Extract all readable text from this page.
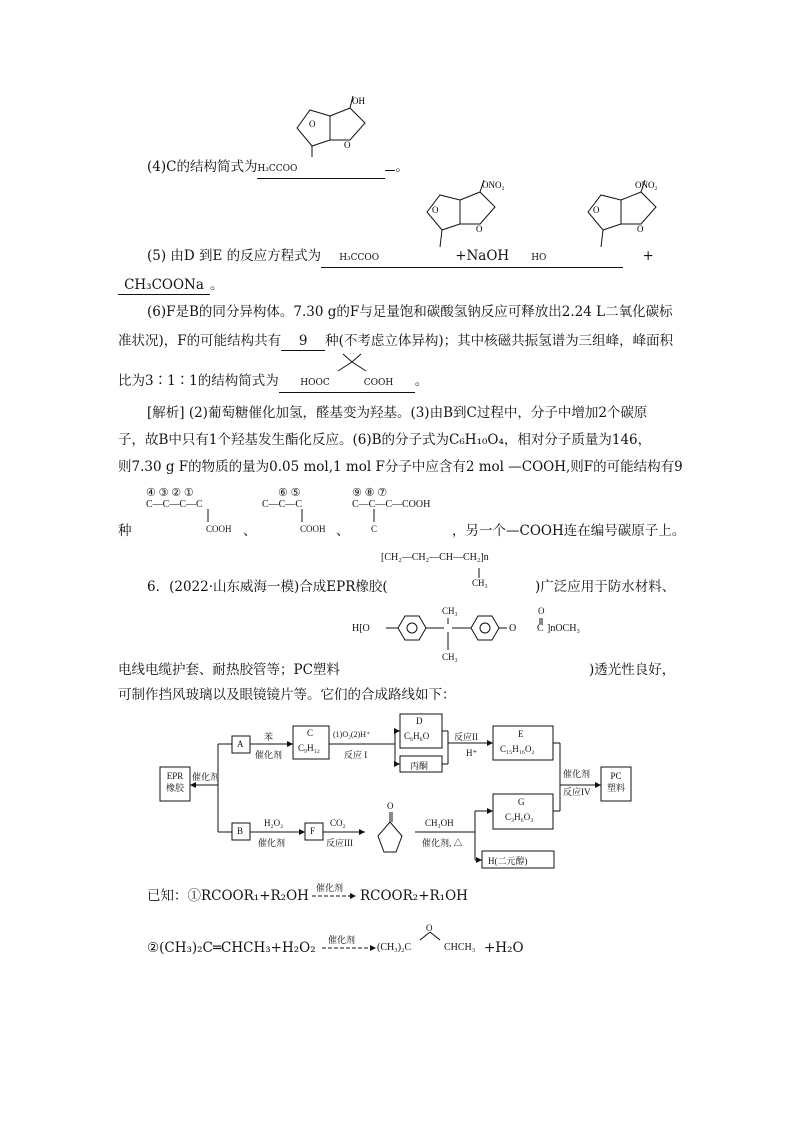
OH
O
O
ONO₂
O
O
ONO₂
O
O
(4)C的结构简式为H₃CCOO	。
(5) 由D 到E 的反应方程式为 H₃CCOO	+NaOH HO	+
CH₃COONa 。
(6)F是B的同分异构体。7.30 g的F与足量饱和碳酸氢钠反应可释放出2.24 L二氧化碳标
准状况)，F的可能结构共有 9 种(不考虑立体异构)；其中核磁共振氢谱为三组峰，峰面积
比为3∶1∶1的结构简式为 HOOC	COOH 。
[解析] (2)葡萄糖催化加氢，醛基变为羟基。(3)由B到C过程中，分子中增加2个碳原
子，故B中只有1个羟基发生酯化反应。(6)B的分子式为C₆H₁₀O₄，相对分子质量为146，
则7.30 g F的物质的量为0.05 mol,1 mol F分子中应含有2 mol —COOH,则F的可能结构有9
④ ③ ② ①
C—C—C—C
COOH
⑥ ⑤
C—C—C
COOH
⑨ ⑧ ⑦
C—C—C—COOH
C
种	、	、	，另一个—COOH连在编号碳原子上。
[CH₂—CH₂—CH—CH₂]n
CH₃
6．(2022·山东威海一模)合成EPR橡胶(	)广泛应用于防水材料、
CH₃	O
H[O	O C ]nOCH₃
CH₃
电线电缆护套、耐热胶管等；PC塑料	)透光性良好，
可制作挡风玻璃以及眼镜镜片等。它们的合成路线如下：
EPR
橡胶
催化剂
A
苯
催化剂
C
C₉H₁₂
(1)O₂(2)H⁺
反应 I
D
C₆H₆O
丙酮
反应II
H⁺
E
C₁₅H₁₆O₂
催化剂
反应IV
PC
塑料
B
H₂O₂
催化剂
F
CO₂
反应III
O
CH₃OH
催化剂, △
G
C₃H₆O₃
H(二元醇)
已知：①RCOOR₁+R₂OH 催化剂 RCOOR₂+R₁OH
②(CH₃)₂C═CHCH₃+H₂O₂ 催化剂
(CH₃)₂C
O
CHCH₃ +H₂O
